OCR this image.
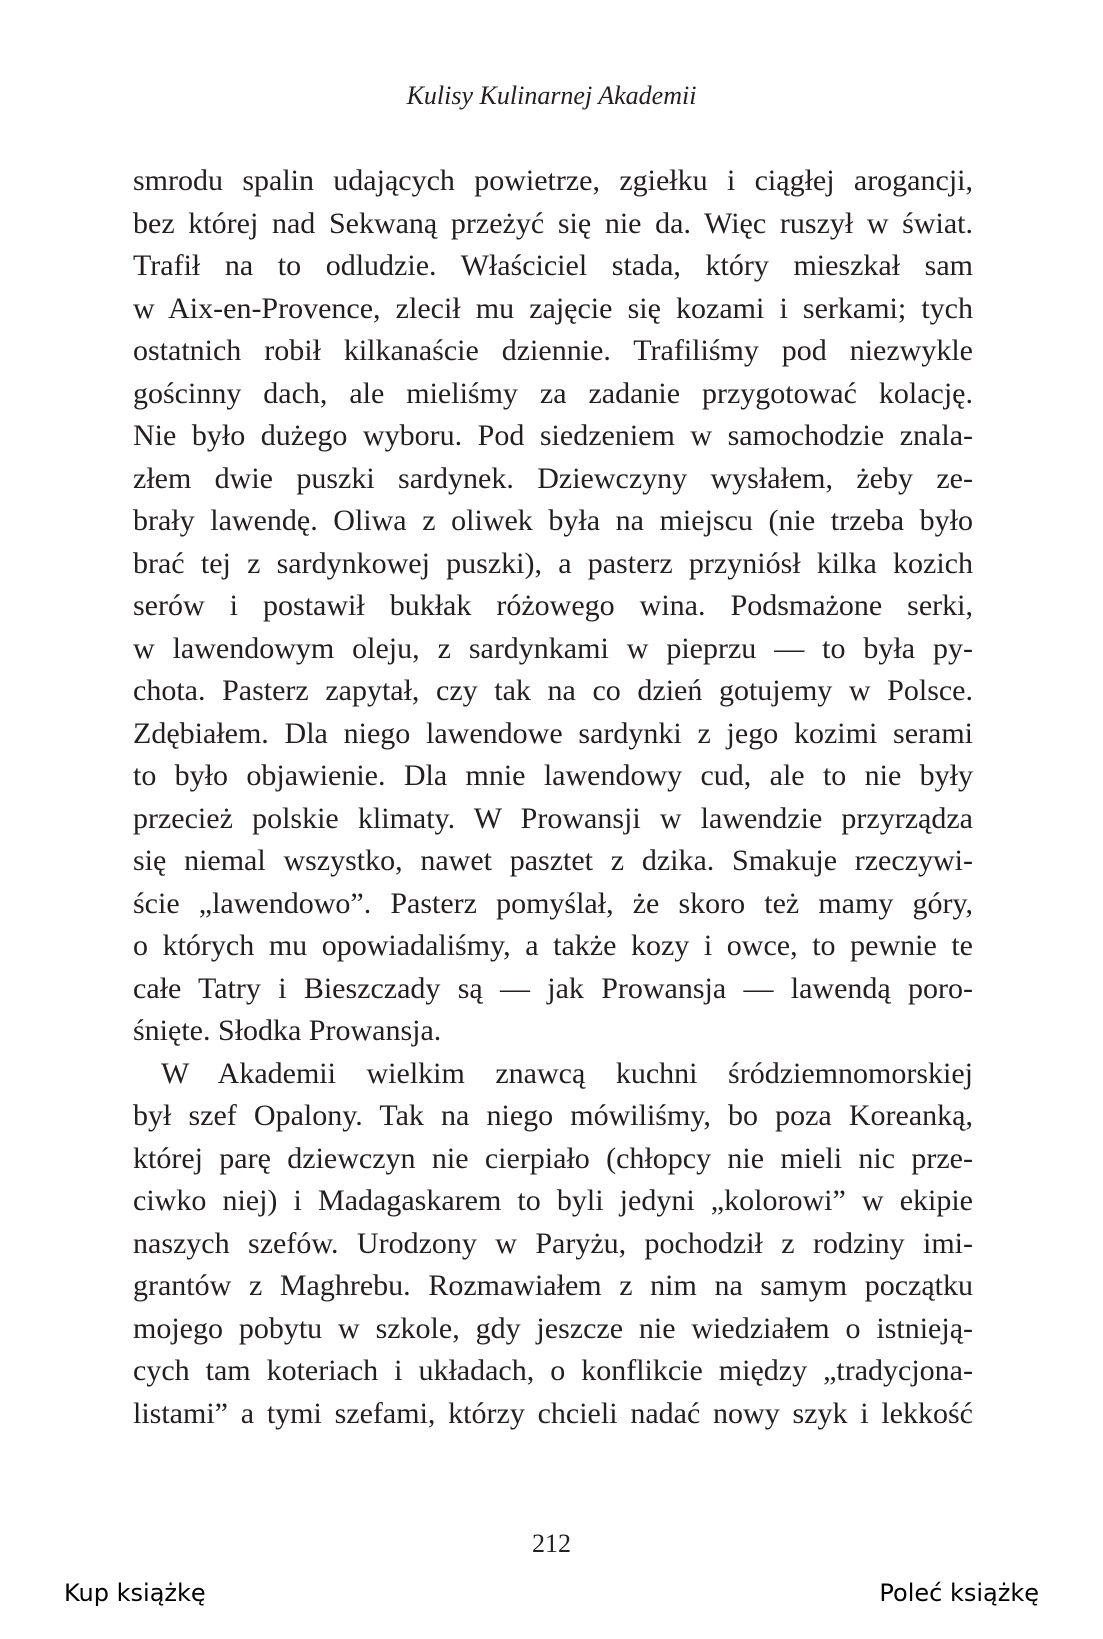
Kulisy Kulinarnej Akademii
smrodu spalin udających powietrze, zgiełku i ciągłej arogancji,
bez której nad Sekwaną przeżyć się nie da. Więc ruszył w świat.
Trafił na to odludzie. Właściciel stada, który mieszkał sam
w Aix-en-Provence, zlecił mu zajęcie się kozami i serkami; tych
ostatnich robił kilkanaście dziennie. Trafiliśmy pod niezwykle
gościnny dach, ale mieliśmy za zadanie przygotować kolację.
Nie było dużego wyboru. Pod siedzeniem w samochodzie znala-
złem dwie puszki sardynek. Dziewczyny wysłałem, żeby ze-
brały lawendę. Oliwa z oliwek była na miejscu (nie trzeba było
brać tej z sardynkowej puszki), a pasterz przyniósł kilka kozich
serów i postawił bukłak różowego wina. Podsmażone serki,
w lawendowym oleju, z sardynkami w pieprzu — to była py-
chota. Pasterz zapytał, czy tak na co dzień gotujemy w Polsce.
Zdębiałem. Dla niego lawendowe sardynki z jego kozimi serami
to było objawienie. Dla mnie lawendowy cud, ale to nie były
przecież polskie klimaty. W Prowansji w lawendzie przyrządza
się niemal wszystko, nawet pasztet z dzika. Smakuje rzeczywi-
ście „lawendowo”. Pasterz pomyślał, że skoro też mamy góry,
o których mu opowiadaliśmy, a także kozy i owce, to pewnie te
całe Tatry i Bieszczady są — jak Prowansja — lawendą poro-
śnięte. Słodka Prowansja.
W Akademii wielkim znawcą kuchni śródziemnomorskiej
był szef Opalony. Tak na niego mówiliśmy, bo poza Koreanką,
której parę dziewczyn nie cierpiało (chłopcy nie mieli nic prze-
ciwko niej) i Madagaskarem to byli jedyni „kolorowi” w ekipie
naszych szefów. Urodzony w Paryżu, pochodził z rodziny imi-
grantów z Maghrebu. Rozmawiałem z nim na samym początku
mojego pobytu w szkole, gdy jeszcze nie wiedziałem o istnieją-
cych tam koteriach i układach, o konflikcie między „tradycjona-
listami” a tymi szefami, którzy chcieli nadać nowy szyk i lekkość
212
Kup książkę	Poleć książkę
